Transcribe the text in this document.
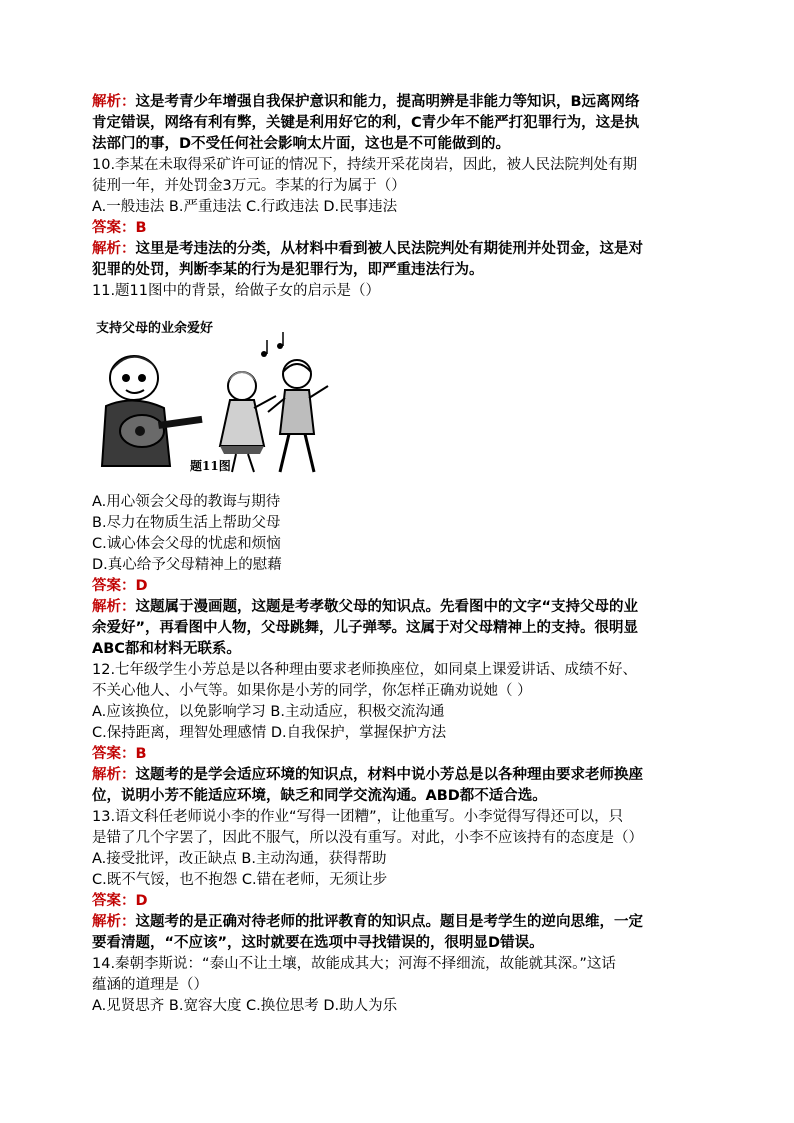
解析：这是考青少年增强自我保护意识和能力，提高明辨是非能力等知识，B远离网络
肯定错误，网络有利有弊，关键是利用好它的利，C青少年不能严打犯罪行为，这是执
法部门的事，D不受任何社会影响太片面，这也是不可能做到的。
10.李某在未取得采矿许可证的情况下，持续开采花岗岩，因此，被人民法院判处有期
徒刑一年，并处罚金3万元。李某的行为属于（）
A.一般违法 B.严重违法 C.行政违法 D.民事违法
答案：B
解析：这里是考违法的分类，从材料中看到被人民法院判处有期徒刑并处罚金，这是对
犯罪的处罚，判断李某的行为是犯罪行为，即严重违法行为。
11.题11图中的背景，给做子女的启示是（）
支持父母的业余爱好
题11图
A.用心领会父母的教诲与期待
B.尽力在物质生活上帮助父母
C.诚心体会父母的忧虑和烦恼
D.真心给予父母精神上的慰藉
答案：D
解析：这题属于漫画题，这题是考孝敬父母的知识点。先看图中的文字“支持父母的业
余爱好”，再看图中人物，父母跳舞，儿子弹琴。这属于对父母精神上的支持。很明显
ABC都和材料无联系。
12.七年级学生小芳总是以各种理由要求老师换座位，如同桌上课爱讲话、成绩不好、
不关心他人、小气等。如果你是小芳的同学，你怎样正确劝说她（ ）
A.应该换位，以免影响学习 B.主动适应，积极交流沟通
C.保持距离，理智处理感情 D.自我保护，掌握保护方法
答案：B
解析：这题考的是学会适应环境的知识点，材料中说小芳总是以各种理由要求老师换座
位，说明小芳不能适应环境，缺乏和同学交流沟通。ABD都不适合选。
13.语文科任老师说小李的作业“写得一团糟”，让他重写。小李觉得写得还可以，只
是错了几个字罢了，因此不服气，所以没有重写。对此，小李不应该持有的态度是（）
A.接受批评，改正缺点 B.主动沟通，获得帮助
C.既不气馁，也不抱怨 C.错在老师，无须让步
答案：D
解析：这题考的是正确对待老师的批评教育的知识点。题目是考学生的逆向思维，一定
要看清题，“不应该”，这时就要在选项中寻找错误的，很明显D错误。
14.秦朝李斯说：“泰山不让土壤，故能成其大；河海不择细流，故能就其深。”这话
蕴涵的道理是（）
A.见贤思齐 B.宽容大度 C.换位思考 D.助人为乐
